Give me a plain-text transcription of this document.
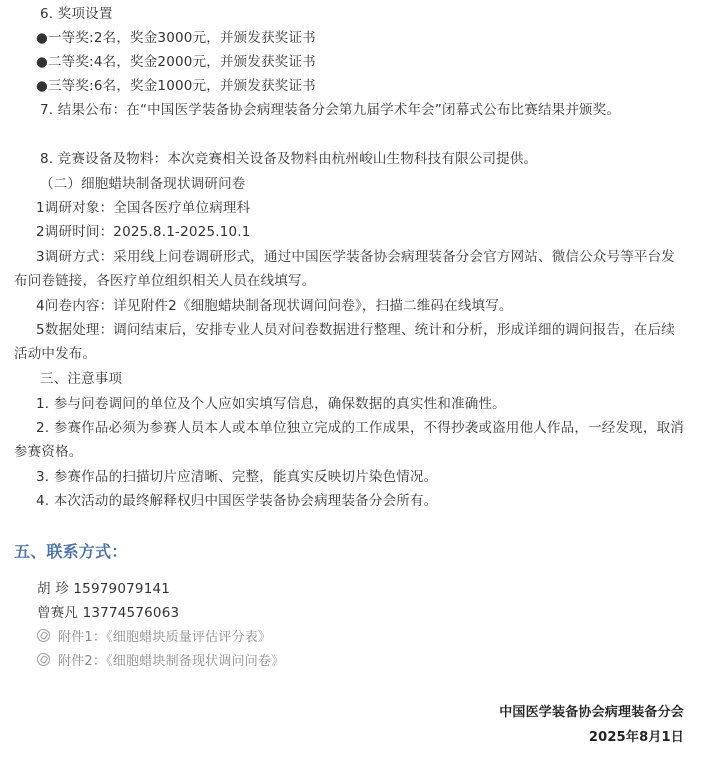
6. 奖项设置
●一等奖:2名，奖金3000元，并颁发获奖证书
●二等奖:4名，奖金2000元，并颁发获奖证书
●三等奖:6名，奖金1000元，并颁发获奖证书
7. 结果公布：在“中国医学装备协会病理装备分会第九届学术年会”闭幕式公布比赛结果并颁奖。
8. 竞赛设备及物料：本次竞赛相关设备及物料由杭州峻山生物科技有限公司提供。
（二）细胞蜡块制备现状调研问卷
1调研对象：全国各医疗单位病理科
2调研时间：2025.8.1-2025.10.1
3调研方式：采用线上问卷调研形式，通过中国医学装备协会病理装备分会官方网站、微信公众号等平台发布问卷链接，各医疗单位组织相关人员在线填写。
4问卷内容：详见附件2《细胞蜡块制备现状调问问卷》，扫描二维码在线填写。
5数据处理：调问结束后，安排专业人员对问卷数据进行整理、统计和分析，形成详细的调问报告，在后续活动中发布。
三、注意事项
1. 参与问卷调问的单位及个人应如实填写信息，确保数据的真实性和准确性。
2. 参赛作品必须为参赛人员本人或本单位独立完成的工作成果，不得抄袭或盗用他人作品，一经发现，取消参赛资格。
3. 参赛作品的扫描切片应清晰、完整，能真实反映切片染色情况。
4. 本次活动的最终解释权归中国医学装备协会病理装备分会所有。
五、联系方式：
胡 珍 15979079141
曾赛凡 13774576063
附件1：《细胞蜡块质量评估评分表》
附件2：《细胞蜡块制备现状调问问卷》
中国医学装备协会病理装备分会
2025年8月1日
